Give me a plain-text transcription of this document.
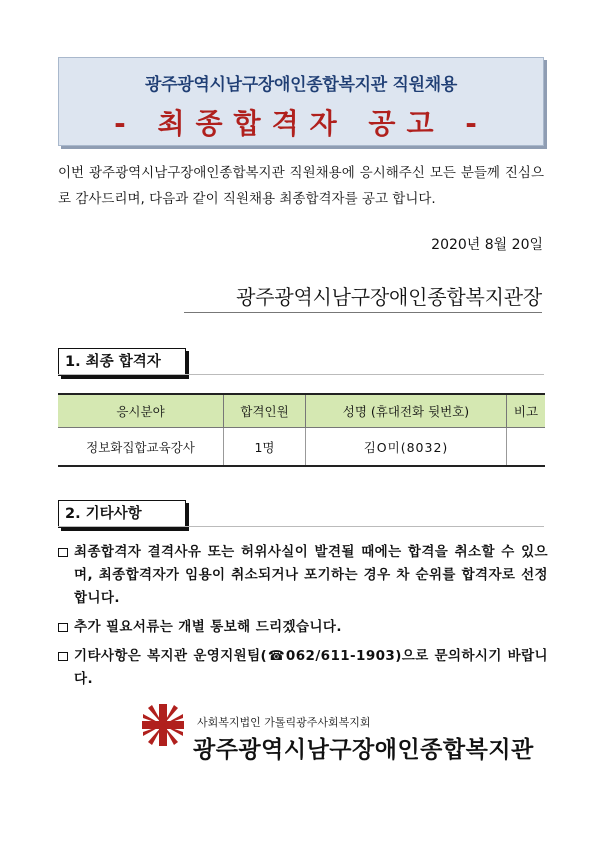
광주광역시남구장애인종합복지관 직원채용
- 최종합격자 공고 -
이번 광주광역시남구장애인종합복지관 직원채용에 응시해주신 모든 분들께 진심으로 감사드리며, 다음과 같이 직원채용 최종합격자를 공고 합니다.
2020년 8월 20일
광주광역시남구장애인종합복지관장
1. 최종 합격자
응시분야	합격인원	성명 (휴대전화 뒷번호)	비고
정보화집합교육강사	1명	김O미(8032)	
2. 기타사항
최종합격자 결격사유 또는 허위사실이 발견될 때에는 합격을 취소할 수 있으며, 최종합격자가 임용이 취소되거나 포기하는 경우 차 순위를 합격자로 선정합니다.
추가 필요서류는 개별 통보해 드리겠습니다.
기타사항은 복지관 운영지원팀(☎062/611-1903)으로 문의하시기 바랍니다.
사회복지법인 가톨릭광주사회복지회
광주광역시남구장애인종합복지관
